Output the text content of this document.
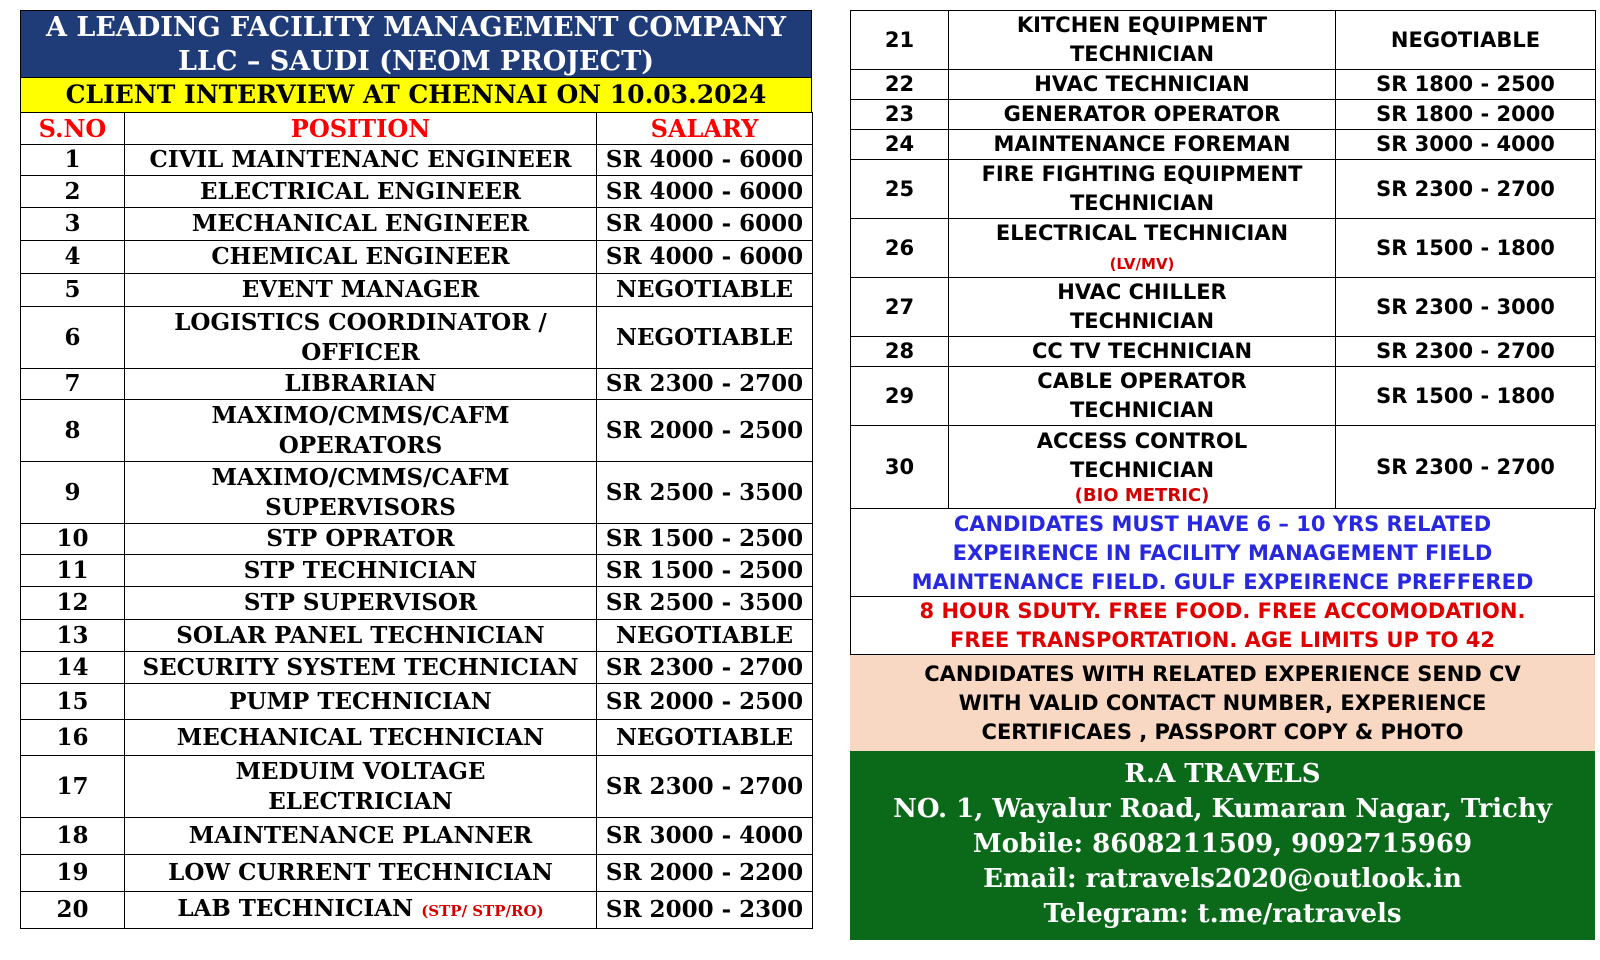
A LEADING FACILITY MANAGEMENT COMPANY
LLC – SAUDI (NEOM PROJECT)
CLIENT INTERVIEW AT CHENNAI ON 10.03.2024
S.NO	POSITION	SALARY
1	CIVIL MAINTENANC ENGINEER	SR 4000 - 6000
2	ELECTRICAL ENGINEER	SR 4000 - 6000
3	MECHANICAL ENGINEER	SR 4000 - 6000
4	CHEMICAL ENGINEER	SR 4000 - 6000
5	EVENT MANAGER	NEGOTIABLE
6	LOGISTICS COORDINATOR /
OFFICER	NEGOTIABLE
7	LIBRARIAN	SR 2300 - 2700
8	MAXIMO/CMMS/CAFM
OPERATORS	SR 2000 - 2500
9	MAXIMO/CMMS/CAFM
SUPERVISORS	SR 2500 - 3500
10	STP OPRATOR	SR 1500 - 2500
11	STP TECHNICIAN	SR 1500 - 2500
12	STP SUPERVISOR	SR 2500 - 3500
13	SOLAR PANEL TECHNICIAN	NEGOTIABLE
14	SECURITY SYSTEM TECHNICIAN	SR 2300 - 2700
15	PUMP TECHNICIAN	SR 2000 - 2500
16	MECHANICAL TECHNICIAN	NEGOTIABLE
17	MEDUIM VOLTAGE
ELECTRICIAN	SR 2300 - 2700
18	MAINTENANCE PLANNER	SR 3000 - 4000
19	LOW CURRENT TECHNICIAN	SR 2000 - 2200
20	LAB TECHNICIAN (STP/ STP/RO)	SR 2000 - 2300
21	KITCHEN EQUIPMENT
TECHNICIAN	NEGOTIABLE
22	HVAC TECHNICIAN	SR 1800 - 2500
23	GENERATOR OPERATOR	SR 1800 - 2000
24	MAINTENANCE FOREMAN	SR 3000 - 4000
25	FIRE FIGHTING EQUIPMENT
TECHNICIAN	SR 2300 - 2700
26	ELECTRICAL TECHNICIAN
(LV/MV)	SR 1500 - 1800
27	HVAC CHILLER
TECHNICIAN	SR 2300 - 3000
28	CC TV TECHNICIAN	SR 2300 - 2700
29	CABLE OPERATOR
TECHNICIAN	SR 1500 - 1800
30	ACCESS CONTROL
TECHNICIAN
(BIO METRIC)	SR 2300 - 2700
CANDIDATES MUST HAVE 6 – 10 YRS RELATED
EXPEIRENCE IN FACILITY MANAGEMENT FIELD
MAINTENANCE FIELD. GULF EXPEIRENCE PREFFERED
8 HOUR SDUTY. FREE FOOD. FREE ACCOMODATION.
FREE TRANSPORTATION. AGE LIMITS UP TO 42
CANDIDATES WITH RELATED EXPERIENCE SEND CV
WITH VALID CONTACT NUMBER, EXPERIENCE
CERTIFICAES , PASSPORT COPY & PHOTO
R.A TRAVELS
NO. 1, Wayalur Road, Kumaran Nagar, Trichy
Mobile: 8608211509, 9092715969
Email: ratravels2020@outlook.in
Telegram: t.me/ratravels
